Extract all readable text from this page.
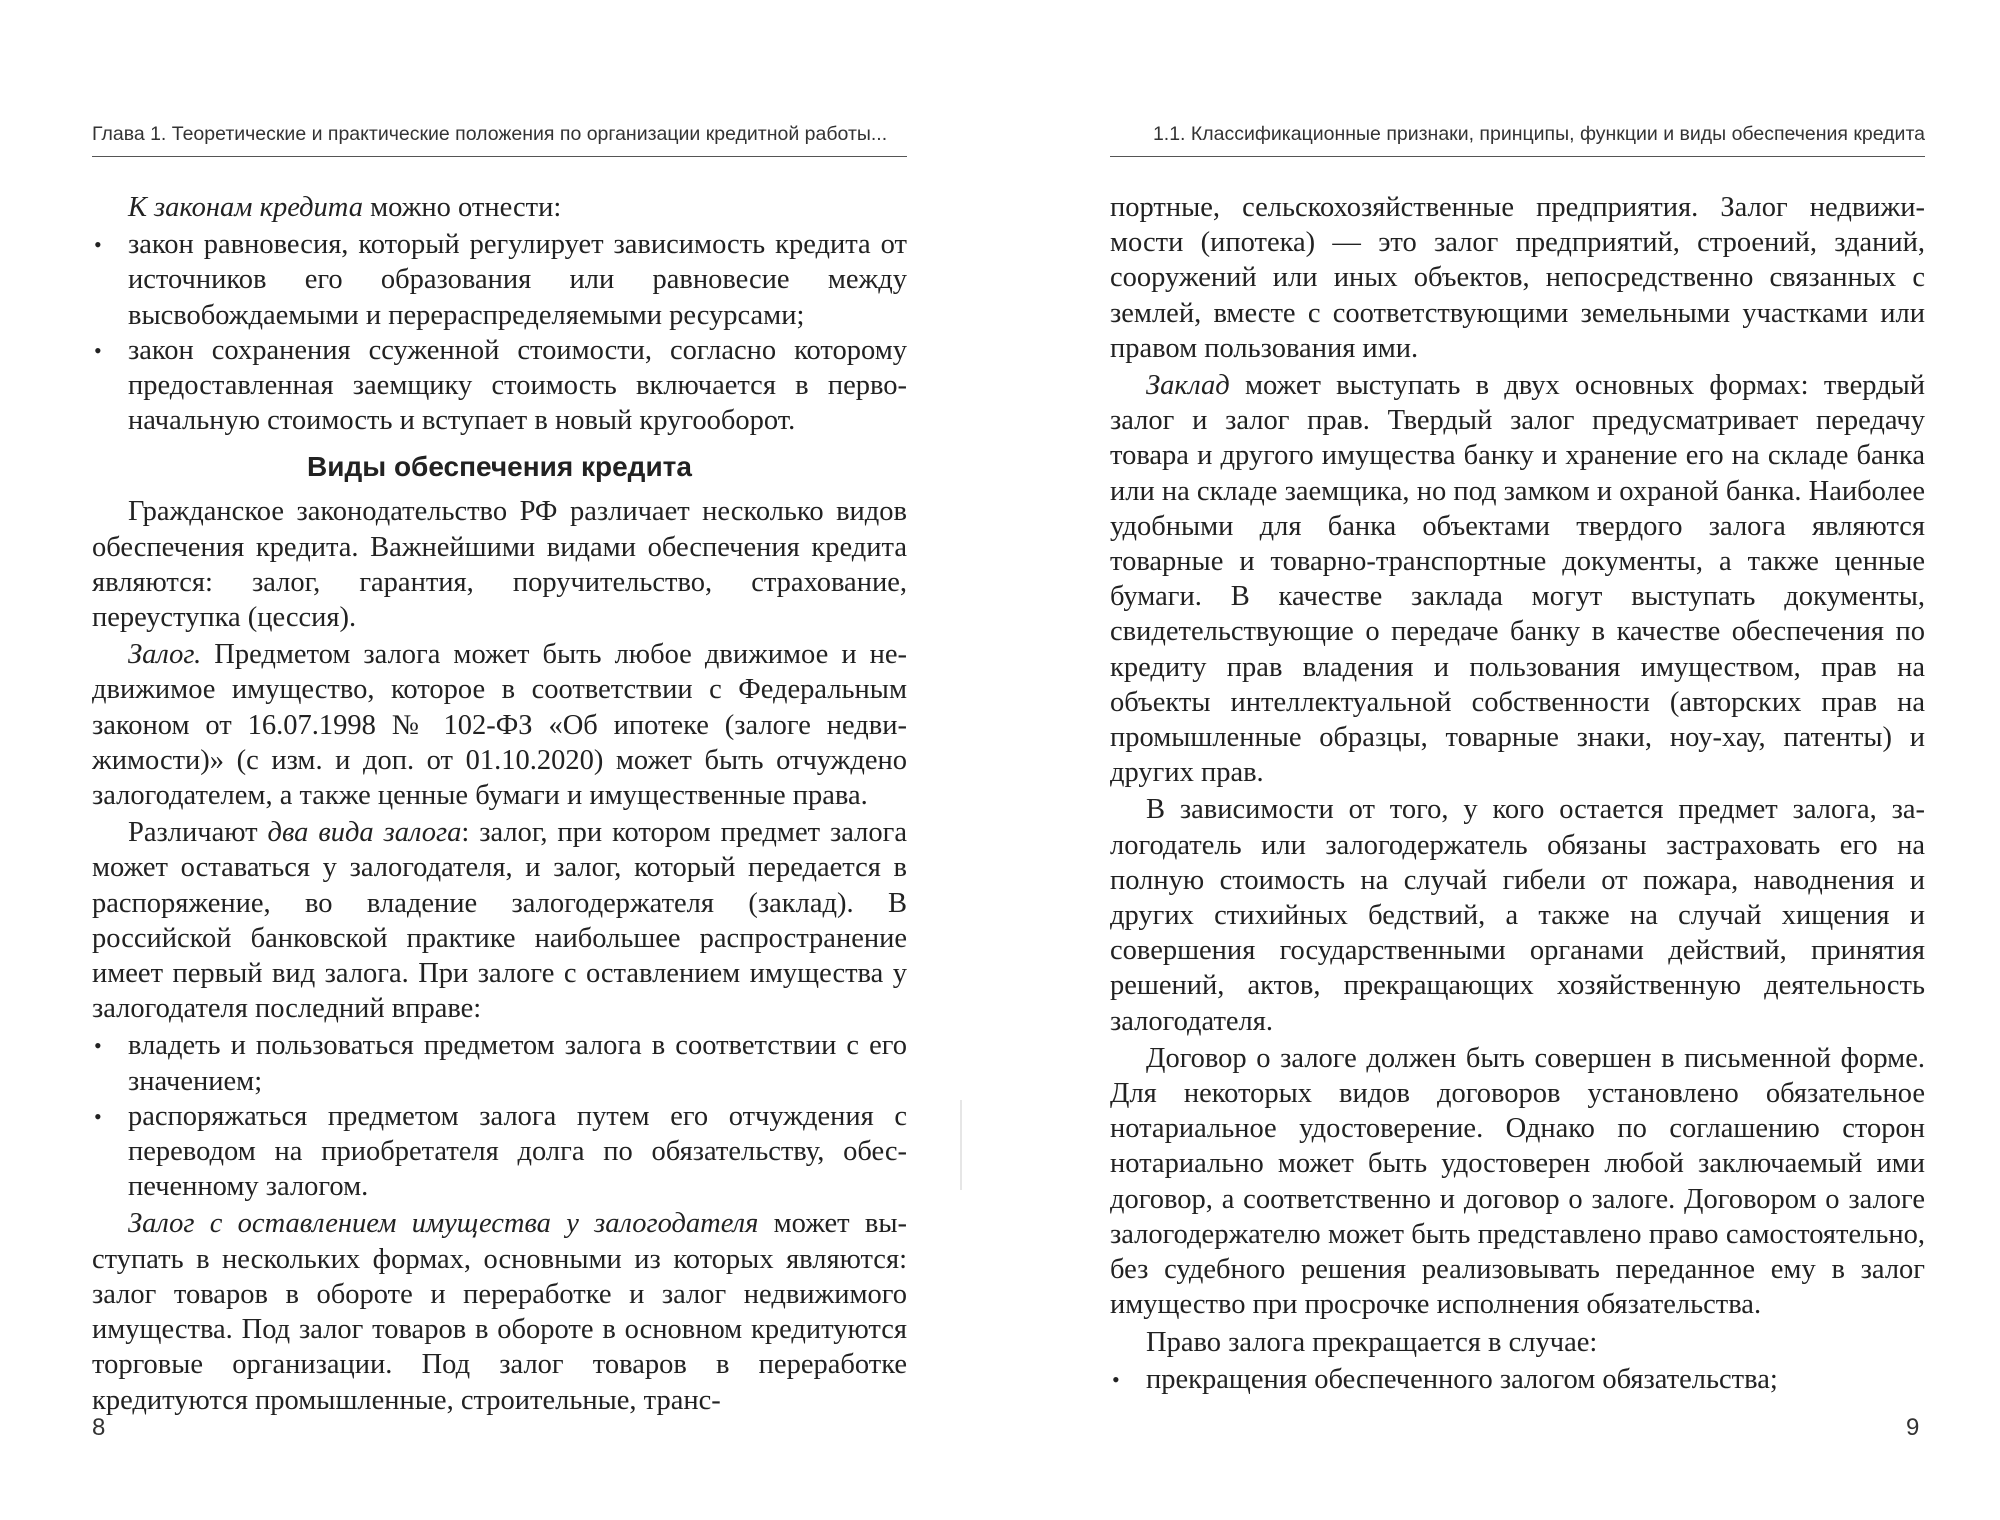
Глава 1. Теоретические и практические положения по организации кредитной работы...

К законам кредита можно отнести:

• закон равновесия, который регулирует зависимость кредита от источников его образования или равновесие между высвобождаемыми и перераспределяемыми ресурсами;
• закон сохранения ссуженной стоимости, согласно которому предоставленная заемщику стоимость включается в первоначальную стоимость и вступает в новый кругооборот.
Виды обеспечения кредита

Гражданское законодательство РФ различает несколько видов обеспечения кредита. Важнейшими видами обеспечения кредита являются: залог, гарантия, поручительство, страхование, переуступка (цессия).

Залог. Предметом залога может быть любое движимое и недвижимое имущество, которое в соответствии с Федеральным законом от 16.07.1998 № 102-ФЗ «Об ипотеке (залоге недвижимости)» (с изм. и доп. от 01.10.2020) может быть отчуждено залогодателем, а также ценные бумаги и имущественные права.

Различают два вида залога: залог, при котором предмет залога может оставаться у залогодателя, и залог, который передается в распоряжение, во владение залогодержателя (заклад). В российской банковской практике наибольшее распространение имеет первый вид залога. При залоге с оставлением имущества у залогодателя последний вправе:

• владеть и пользоваться предметом залога в соответствии с его значением;
• распоряжаться предметом залога путем его отчуждения с переводом на приобретателя долга по обязательству, обеспеченному залогом.

Залог с оставлением имущества у залогодателя может выступать в нескольких формах, основными из которых являются: залог товаров в обороте и переработке и залог недвижимого имущества. Под залог товаров в обороте в основном кредитуются торговые организации. Под залог товаров в переработке кредитуются промышленные, строительные, транс-

8
1.1. Классификационные признаки, принципы, функции и виды обеспечения кредита

портные, сельскохозяйственные предприятия. Залог недвижимости (ипотека) — это залог предприятий, строений, зданий, сооружений или иных объектов, непосредственно связанных с землей, вместе с соответствующими земельными участками или правом пользования ими.

Заклад может выступать в двух основных формах: твердый залог и залог прав. Твердый залог предусматривает передачу товара и другого имущества банку и хранение его на складе банка или на складе заемщика, но под замком и охраной банка. Наиболее удобными для банка объектами твердого залога являются товарные и товарно-транспортные документы, а также ценные бумаги. В качестве заклада могут выступать документы, свидетельствующие о передаче банку в качестве обеспечения по кредиту прав владения и пользования имуществом, прав на объекты интеллектуальной собственности (авторских прав на промышленные образцы, товарные знаки, ноу-хау, патенты) и других прав.

В зависимости от того, у кого остается предмет залога, залогодатель или залогодержатель обязаны застраховать его на полную стоимость на случай гибели от пожара, наводнения и других стихийных бедствий, а также на случай хищения и совершения государственными органами действий, принятия решений, актов, прекращающих хозяйственную деятельность залогодателя.

Договор о залоге должен быть совершен в письменной форме. Для некоторых видов договоров установлено обязательное нотариальное удостоверение. Однако по соглашению сторон нотариально может быть удостоверен любой заключаемый ими договор, а соответственно и договор о залоге. Договором о залоге залогодержателю может быть представлено право самостоятельно, без судебного решения реализовывать переданное ему в залог имущество при просрочке исполнения обязательства.

Право залога прекращается в случае:

• прекращения обеспеченного залогом обязательства;
9
